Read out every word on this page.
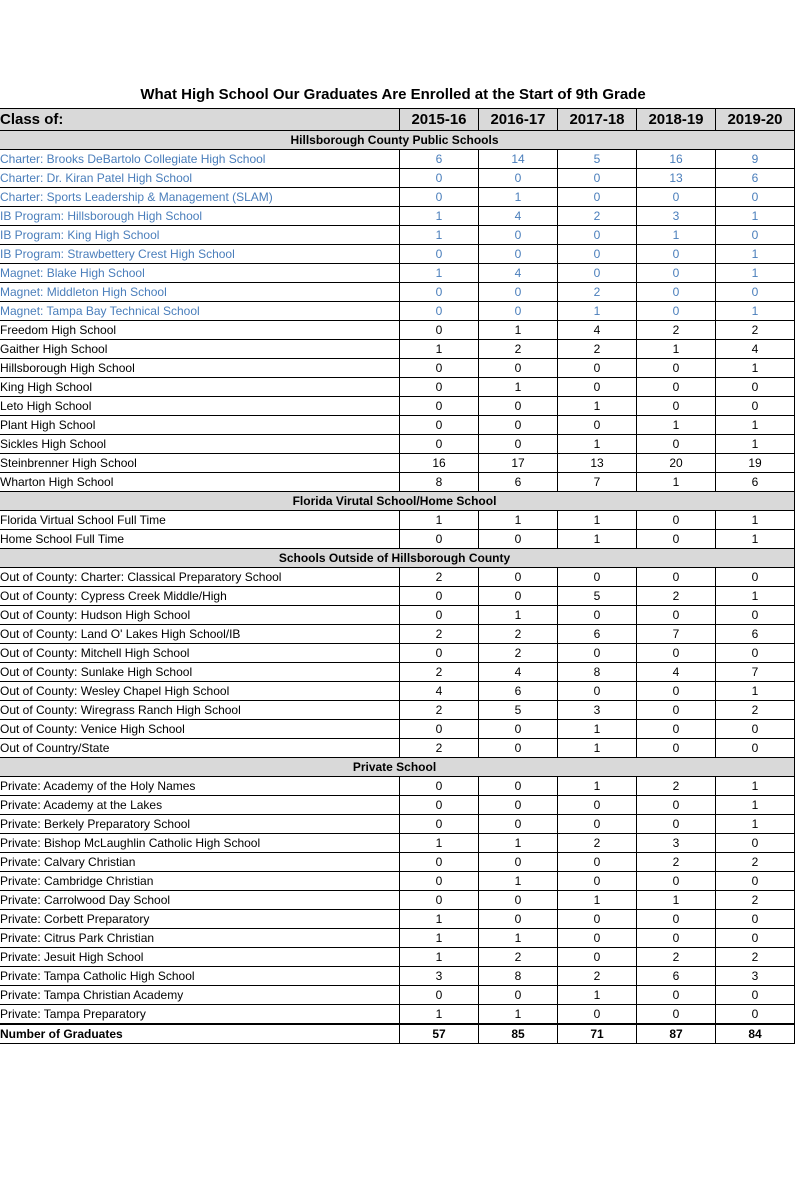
What High School Our Graduates Are Enrolled at the Start of 9th Grade
Class of:	2015-16	2016-17	2017-18	2018-19	2019-20
Hillsborough County Public Schools					
Charter: Brooks DeBartolo Collegiate High School	6	14	5	16	9
Charter: Dr. Kiran Patel High School	0	0	0	13	6
Charter: Sports Leadership & Management (SLAM)	0	1	0	0	0
IB Program: Hillsborough High School	1	4	2	3	1
IB Program: King High School	1	0	0	1	0
IB Program: Strawbettery Crest High School	0	0	0	0	1
Magnet: Blake High School	1	4	0	0	1
Magnet: Middleton High School	0	0	2	0	0
Magnet: Tampa Bay Technical School	0	0	1	0	1
Freedom High School	0	1	4	2	2
Gaither High School	1	2	2	1	4
Hillsborough High School	0	0	0	0	1
King High School	0	1	0	0	0
Leto High School	0	0	1	0	0
Plant High School	0	0	0	1	1
Sickles High School	0	0	1	0	1
Steinbrenner High School	16	17	13	20	19
Wharton High School	8	6	7	1	6
Florida Virutal School/Home School					
Florida Virtual School Full Time	1	1	1	0	1
Home School Full Time	0	0	1	0	1
Schools Outside of Hillsborough County					
Out of County: Charter: Classical Preparatory School	2	0	0	0	0
Out of County: Cypress Creek Middle/High	0	0	5	2	1
Out of County: Hudson High School	0	1	0	0	0
Out of County: Land O' Lakes High School/IB	2	2	6	7	6
Out of County: Mitchell High School	0	2	0	0	0
Out of County: Sunlake High School	2	4	8	4	7
Out of County: Wesley Chapel High School	4	6	0	0	1
Out of County: Wiregrass Ranch High School	2	5	3	0	2
Out of County: Venice High School	0	0	1	0	0
Out of Country/State	2	0	1	0	0
Private School					
Private: Academy of the Holy Names	0	0	1	2	1
Private: Academy at the Lakes	0	0	0	0	1
Private: Berkely Preparatory School	0	0	0	0	1
Private: Bishop McLaughlin Catholic High School	1	1	2	3	0
Private: Calvary Christian	0	0	0	2	2
Private: Cambridge Christian	0	1	0	0	0
Private: Carrolwood Day School	0	0	1	1	2
Private: Corbett Preparatory	1	0	0	0	0
Private: Citrus Park Christian	1	1	0	0	0
Private: Jesuit High School	1	2	0	2	2
Private: Tampa Catholic High School	3	8	2	6	3
Private: Tampa Christian Academy	0	0	1	0	0
Private: Tampa Preparatory	1	1	0	0	0
Number of Graduates	57	85	71	87	84
